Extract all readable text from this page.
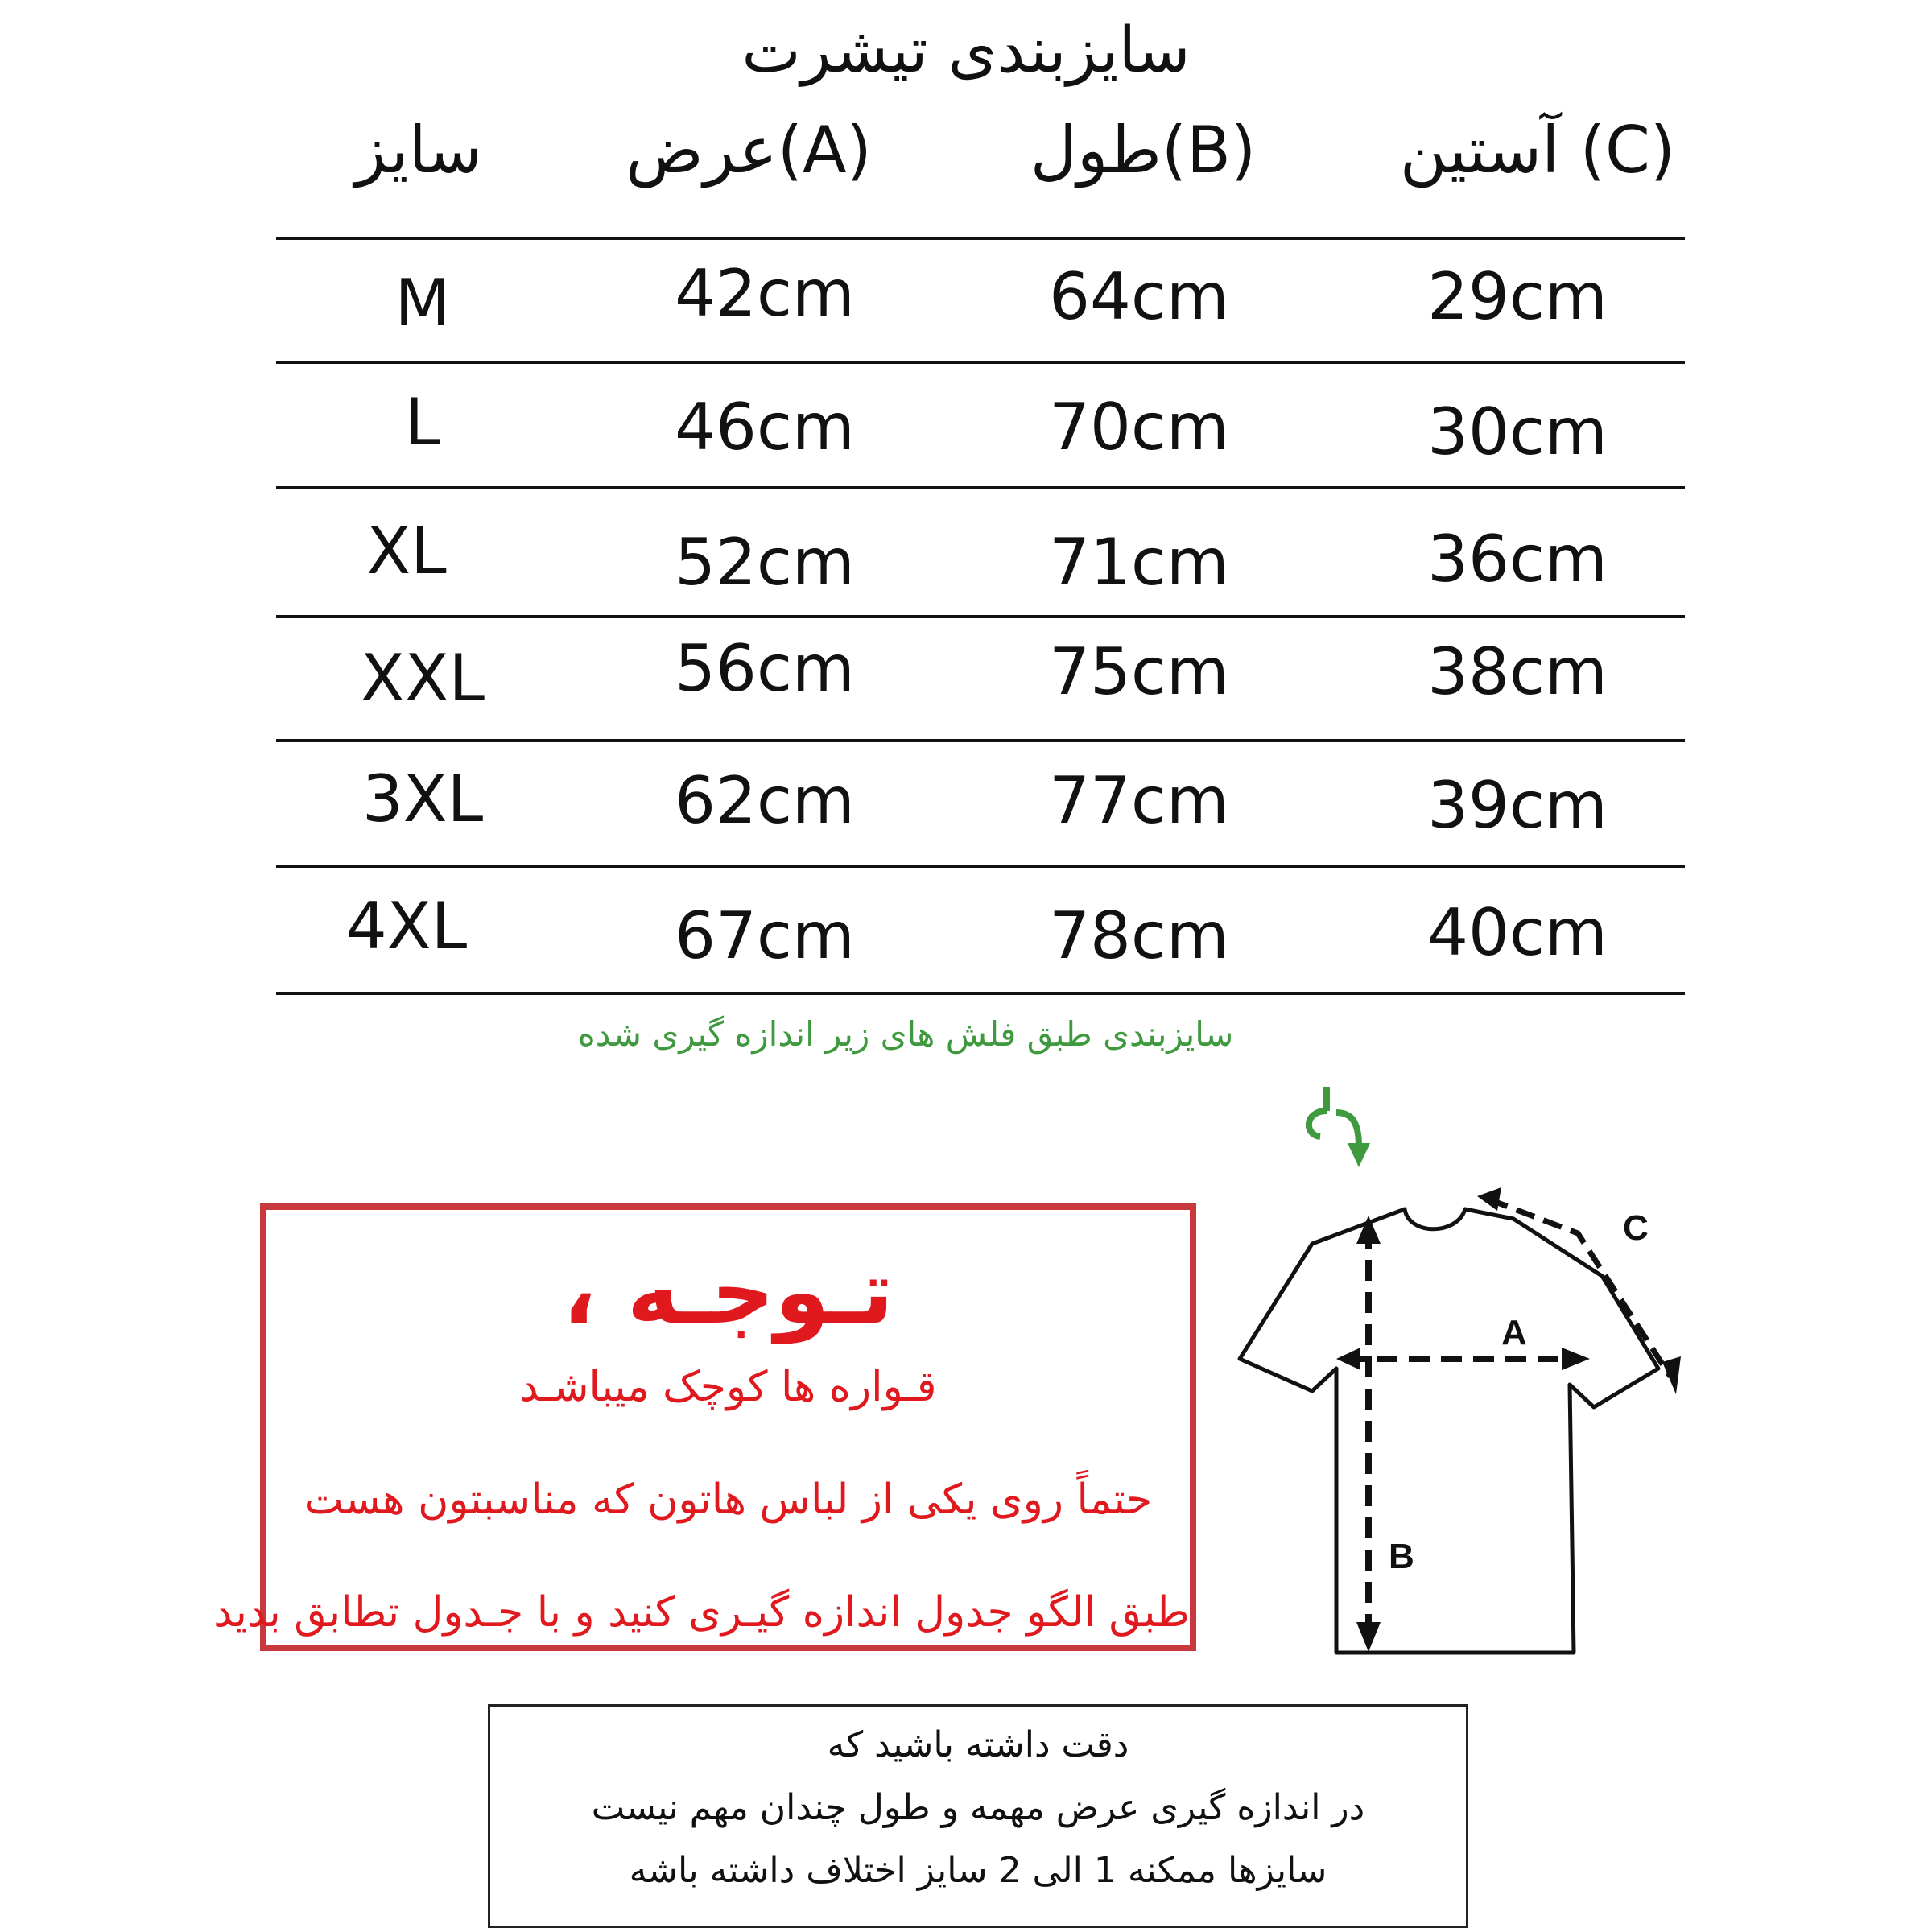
سایزبندی تیشرت
سایز	عرض(A)	طول(B)	آستین (C)
M	42cm	64cm	29cm
L	46cm	70cm	30cm
XL	52cm	71cm	36cm
XXL	56cm	75cm	38cm
3XL	62cm	77cm	39cm
4XL	67cm	78cm	40cm
سایزبندی طبق فلش های زیر اندازه گیری شده
تـوجـه ،
قـواره ها کوچک میباشـد
حتماً روی یکی از لباس هاتون که مناسبتون هست
طبق الگو جدول اندازه گیـری کنید و با جـدول تطابق بدید
A
B
C
دقت داشته باشید که
در اندازه گیری عرض مهمه و طول چندان مهم نیست
سایزها ممکنه 1 الی 2 سایز اختلاف داشته باشه
